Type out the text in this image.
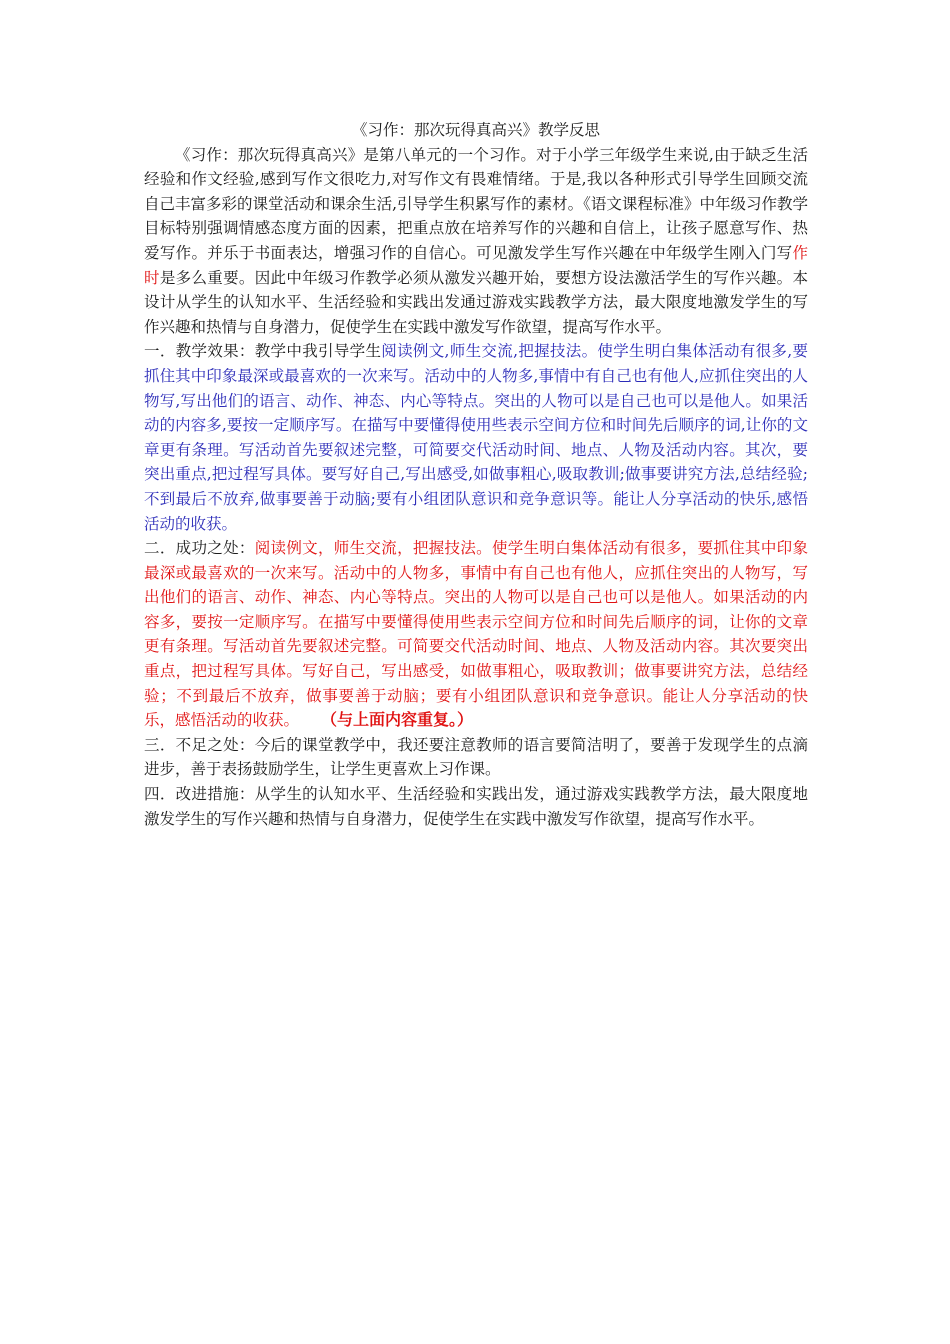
《习作：那次玩得真高兴》教学反思

《习作：那次玩得真高兴》是第八单元的一个习作。对于小学三年级学生来说,由于缺乏生活经验和作文经验,感到写作文很吃力,对写作文有畏难情绪。于是,我以各种形式引导学生回顾交流自己丰富多彩的课堂活动和课余生活,引导学生积累写作的素材。《语文课程标准》中年级习作教学目标特别强调情感态度方面的因素，把重点放在培养写作的兴趣和自信上，让孩子愿意写作、热爱写作。并乐于书面表达，增强习作的自信心。可见激发学生写作兴趣在中年级学生刚入门写作时是多么重要。因此中年级习作教学必须从激发兴趣开始，要想方设法激活学生的写作兴趣。本设计从学生的认知水平、生活经验和实践出发通过游戏实践教学方法，最大限度地激发学生的写作兴趣和热情与自身潜力，促使学生在实践中激发写作欲望，提高写作水平。

一．教学效果：教学中我引导学生阅读例文,师生交流,把握技法。使学生明白集体活动有很多,要抓住其中印象最深或最喜欢的一次来写。活动中的人物多,事情中有自己也有他人,应抓住突出的人物写,写出他们的语言、动作、神态、内心等特点。突出的人物可以是自己也可以是他人。如果活动的内容多,要按一定顺序写。在描写中要懂得使用些表示空间方位和时间先后顺序的词,让你的文章更有条理。写活动首先要叙述完整，可简要交代活动时间、地点、人物及活动内容。其次，要突出重点,把过程写具体。要写好自己,写出感受,如做事粗心,吸取教训;做事要讲究方法,总结经验;不到最后不放弃,做事要善于动脑;要有小组团队意识和竞争意识等。能让人分享活动的快乐,感悟活动的收获。

二．成功之处：阅读例文，师生交流，把握技法。使学生明白集体活动有很多，要抓住其中印象最深或最喜欢的一次来写。活动中的人物多，事情中有自己也有他人，应抓住突出的人物写，写出他们的语言、动作、神态、内心等特点。突出的人物可以是自己也可以是他人。如果活动的内容多，要按一定顺序写。在描写中要懂得使用些表示空间方位和时间先后顺序的词，让你的文章更有条理。写活动首先要叙述完整。可简要交代活动时间、地点、人物及活动内容。其次要突出重点，把过程写具体。写好自己，写出感受，如做事粗心，吸取教训；做事要讲究方法，总结经验；不到最后不放弃，做事要善于动脑；要有小组团队意识和竞争意识。能让人分享活动的快乐，感悟活动的收获。 （与上面内容重复。）

三．不足之处：今后的课堂教学中，我还要注意教师的语言要简洁明了，要善于发现学生的点滴进步，善于表扬鼓励学生，让学生更喜欢上习作课。

四．改进措施：从学生的认知水平、生活经验和实践出发，通过游戏实践教学方法，最大限度地激发学生的写作兴趣和热情与自身潜力，促使学生在实践中激发写作欲望，提高写作水平。
